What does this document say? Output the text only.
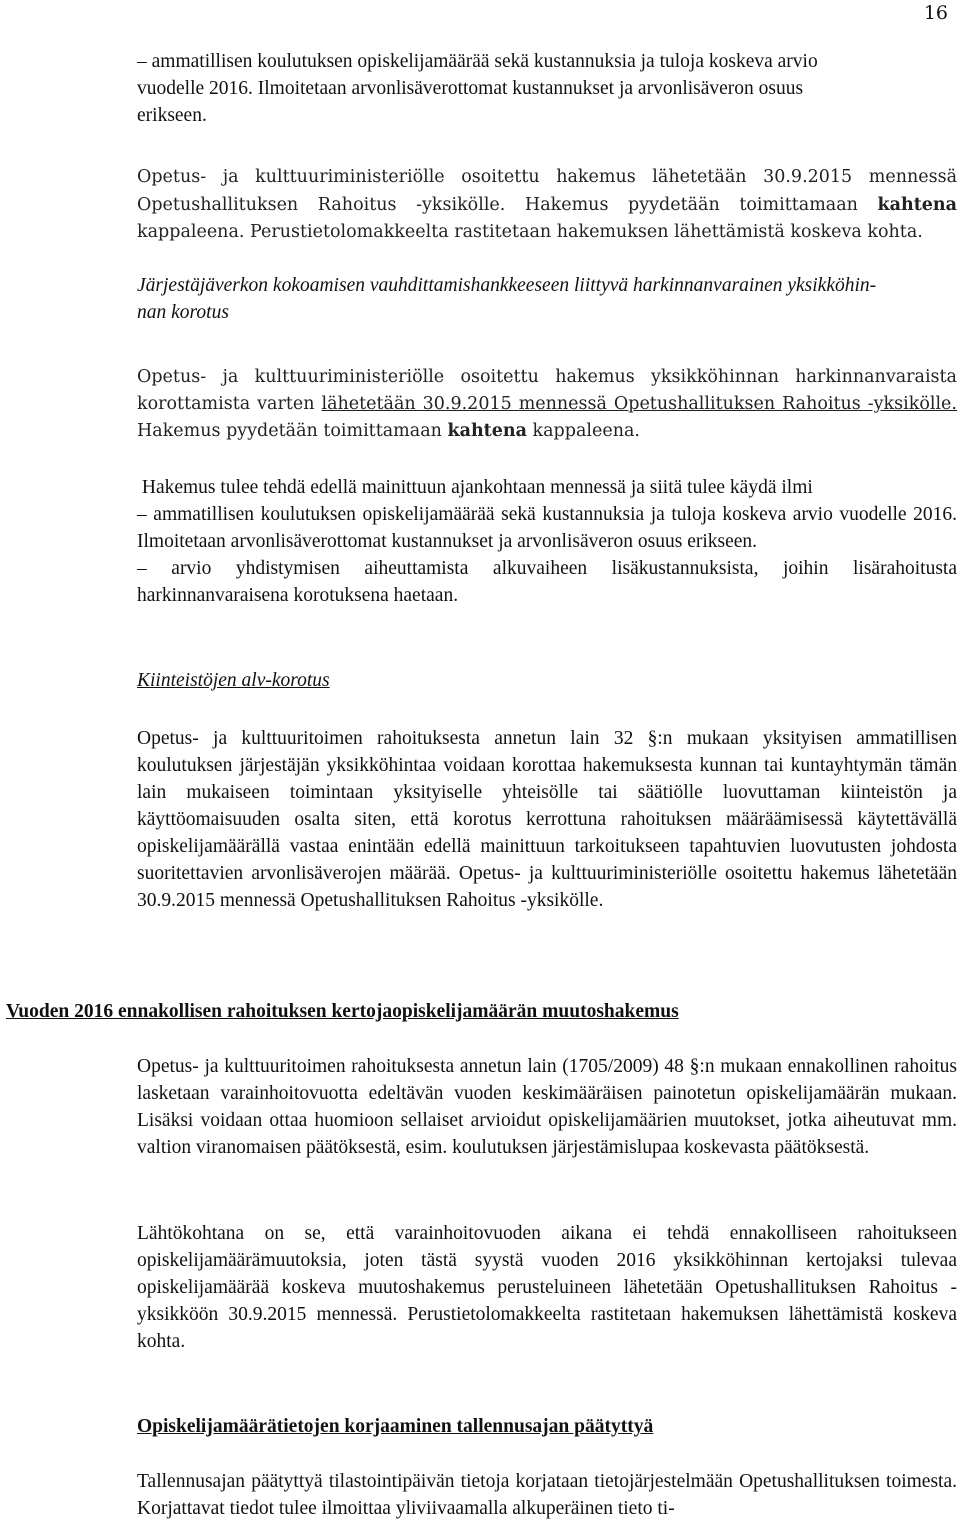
16

– ammatillisen koulutuksen opiskelijamäärää sekä kustannuksia ja tuloja koskeva arvio

vuodelle 2016. Ilmoitetaan arvonlisäverottomat kustannukset ja arvonlisäveron osuus

erikseen.

Opetus- ja kulttuuriministeriölle osoitettu hakemus lähetetään 30.9.2015 mennessä Opetushallituksen Rahoitus -yksikölle. Hakemus pyydetään toimittamaan kahtena kappaleena. Perustietolomakkeelta rastitetaan hakemuksen lähettämistä koskeva kohta.
Järjestäjäverkon kokoamisen vauhdittamishankkeeseen liittyvä harkinnanvarainen yksikköhin-
nan korotus
Opetus- ja kulttuuriministeriölle osoitettu hakemus yksikköhinnan harkinnanvaraista korottamista varten lähetetään 30.9.2015 mennessä Opetushallituksen Rahoitus -yksikölle. Hakemus pyydetään toimittamaan kahtena kappaleena.

Hakemus tulee tehdä edellä mainittuun ajankohtaan mennessä ja siitä tulee käydä ilmi

– ammatillisen koulutuksen opiskelijamäärää sekä kustannuksia ja tuloja koskeva arvio vuodelle 2016. Ilmoitetaan arvonlisäverottomat kustannukset ja arvonlisäveron osuus erikseen.

– arvio yhdistymisen aiheuttamista alkuvaiheen lisäkustannuksista, joihin lisärahoitusta harkinnanvaraisena korotuksena haetaan.

Kiinteistöjen alv-korotus
Opetus- ja kulttuuritoimen rahoituksesta annetun lain 32 §:n mukaan yksityisen ammatillisen koulutuksen järjestäjän yksikköhintaa voidaan korottaa hakemuksesta kunnan tai kuntayhtymän tämän lain mukaiseen toimintaan yksityiselle yhteisölle tai säätiölle luovuttaman kiinteistön ja käyttöomaisuuden osalta siten, että korotus kerrottuna rahoituksen määräämisessä käytettävällä opiskelijamäärällä vastaa enintään edellä mainittuun tarkoitukseen tapahtuvien luovutusten johdosta suoritettavien arvonlisäverojen määrää. Opetus- ja kulttuuriministeriölle osoitettu hakemus lähetetään 30.9.2015 mennessä Opetushallituksen Rahoitus -yksikölle.
Vuoden 2016 ennakollisen rahoituksen kertojaopiskelijamäärän muutoshakemus
Opetus- ja kulttuuritoimen rahoituksesta annetun lain (1705/2009) 48 §:n mukaan ennakollinen rahoitus lasketaan varainhoitovuotta edeltävän vuoden keskimääräisen painotetun opiskelijamäärän mukaan. Lisäksi voidaan ottaa huomioon sellaiset arvioidut opiskelijamäärien muutokset, jotka aiheutuvat mm. valtion viranomaisen päätöksestä, esim. koulutuksen järjestämislupaa koskevasta päätöksestä.
Lähtökohtana on se, että varainhoitovuoden aikana ei tehdä ennakolliseen rahoitukseen opiskelijamäärämuutoksia, joten tästä syystä vuoden 2016 yksikköhinnan kertojaksi tulevaa opiskelijamäärää koskeva muutoshakemus perusteluineen lähetetään Opetushallituksen Rahoitus -yksikköön 30.9.2015 mennessä. Perustietolomakkeelta rastitetaan hakemuksen lähettämistä koskeva kohta.
Opiskelijamäärätietojen korjaaminen tallennusajan päätyttyä
Tallennusajan päätyttyä tilastointipäivän tietoja korjataan tietojärjestelmään Opetushallituksen toimesta. Korjattavat tiedot tulee ilmoittaa yliviivaamalla alkuperäinen tieto ti-
